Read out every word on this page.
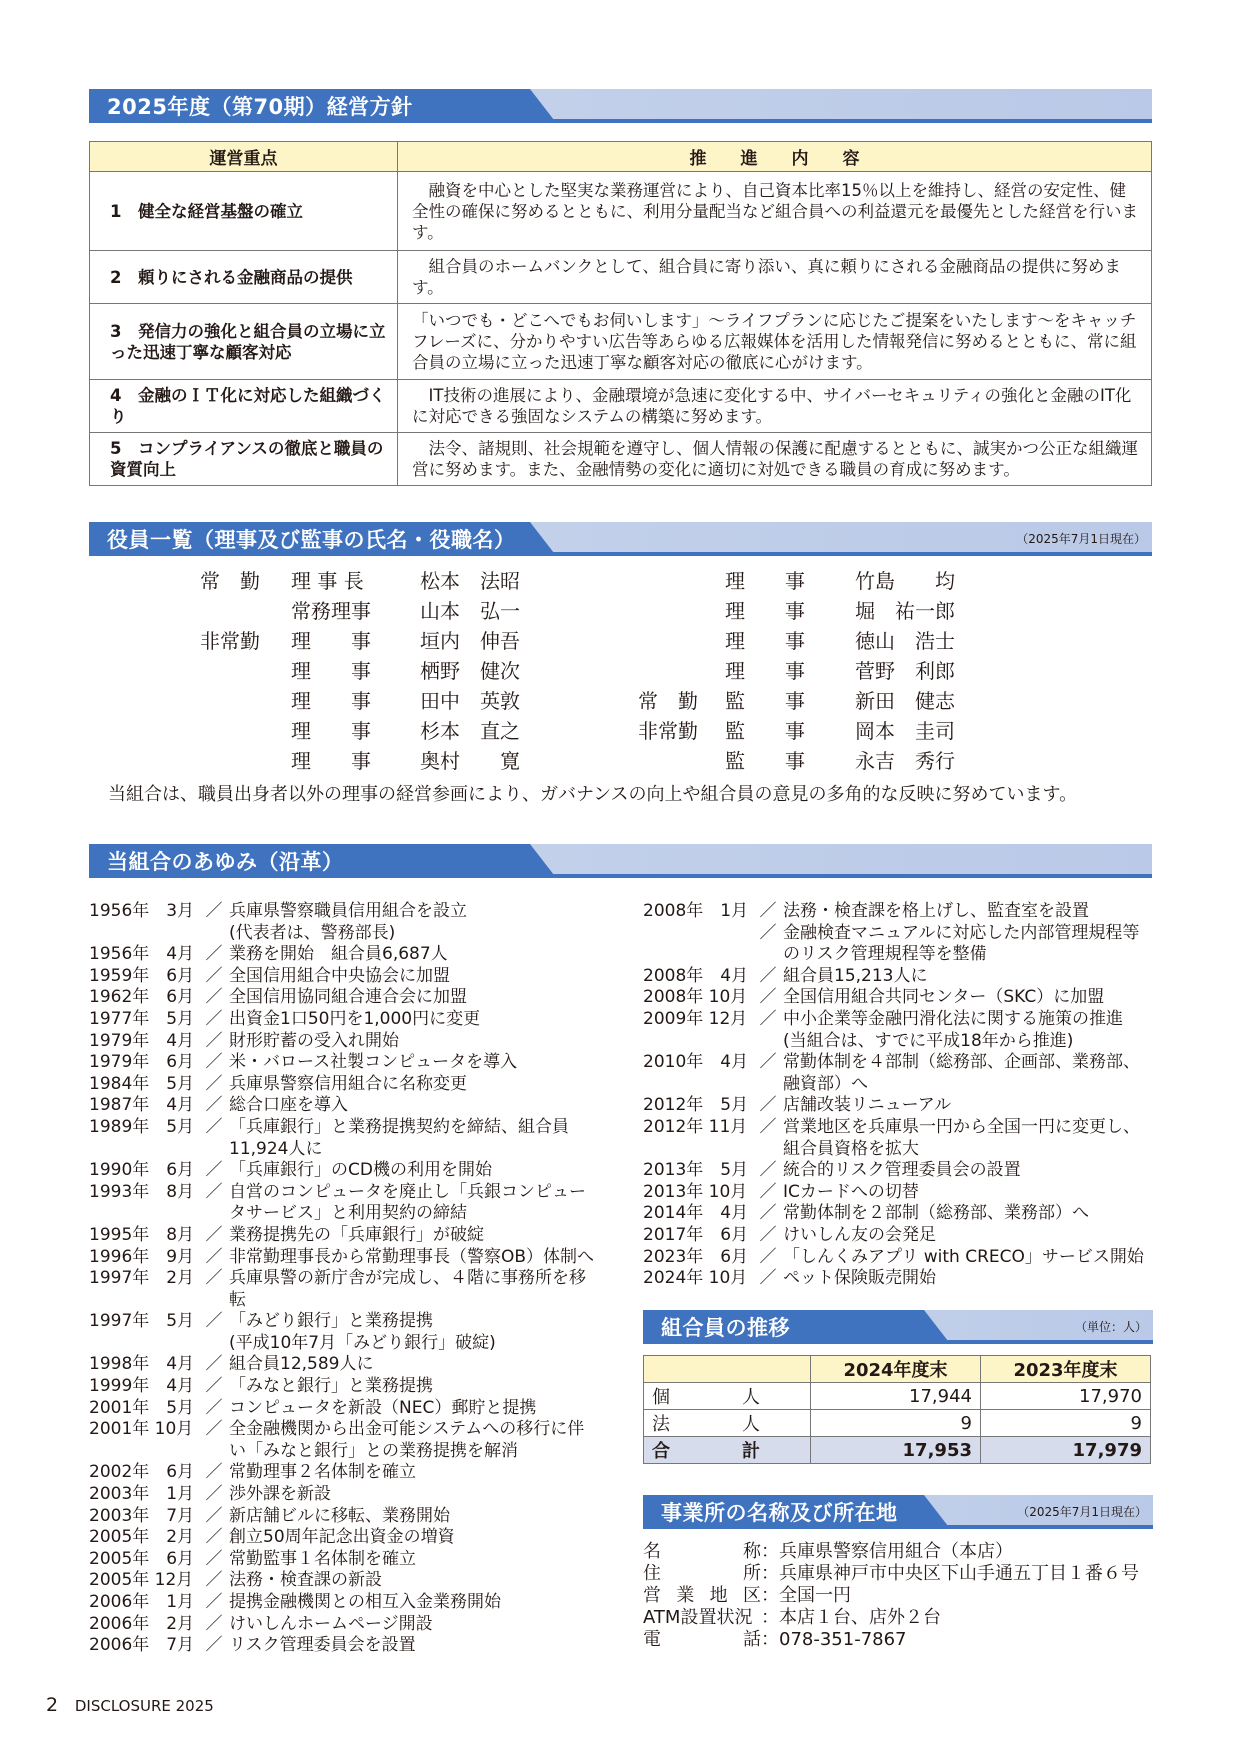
2025年度（第70期）経営方針
運営重点	推　　進　　内　　容
1　健全な経営基盤の確立	　融資を中心とした堅実な業務運営により、自己資本比率15％以上を維持し、経営の安定性、健全性の確保に努めるとともに、利用分量配当など組合員への利益還元を最優先とした経営を行います。
2　頼りにされる金融商品の提供	　組合員のホームバンクとして、組合員に寄り添い、真に頼りにされる金融商品の提供に努めます。
3　発信力の強化と組合員の立場に立った迅速丁寧な顧客対応	「いつでも・どこへでもお伺いします」〜ライフプランに応じたご提案をいたします〜をキャッチフレーズに、分かりやすい広告等あらゆる広報媒体を活用した情報発信に努めるとともに、常に組合員の立場に立った迅速丁寧な顧客対応の徹底に心がけます。
4　金融のＩＴ化に対応した組織づくり	　IT技術の進展により、金融環境が急速に変化する中、サイバーセキュリティの強化と金融のIT化に対応できる強固なシステムの構築に努めます。
5　コンプライアンスの徹底と職員の資質向上	　法令、諸規則、社会規範を遵守し、個人情報の保護に配慮するとともに、誠実かつ公正な組織運営に努めます。また、金融情勢の変化に適切に対処できる職員の育成に努めます。
役員一覧（理事及び監事の氏名・役職名）	（2025年7月1日現在）
常　勤 理 事 長	松本　法昭	理　　事	竹島　　均
常務理事 山本　弘一	理　　事	堀　祐一郎
非常勤 理　　事 垣内　伸吾	理　　事	徳山　浩士
理　　事 栖野　健次	理　　事	菅野　利郎
理　　事 田中　英敦	常　勤 監　　事	新田　健志
理　　事 杉本　直之	非常勤 監　　事	岡本　圭司
理　　事 奥村　　寛	監　　事	永吉　秀行
当組合は、職員出身者以外の理事の経営参画により、ガバナンスの向上や組合員の意見の多角的な反映に努めています。
当組合のあゆみ（沿革）
1956年　3月 ／ 兵庫県警察職員信用組合を設立
(代表者は、警務部長)
1956年　4月 ／ 業務を開始　組合員6,687人
1959年　6月 ／ 全国信用組合中央協会に加盟
1962年　6月 ／ 全国信用協同組合連合会に加盟
1977年　5月 ／ 出資金1口50円を1,000円に変更
1979年　4月 ／ 財形貯蓄の受入れ開始
1979年　6月 ／ 米・バロース社製コンピュータを導入
1984年　5月 ／ 兵庫県警察信用組合に名称変更
1987年　4月 ／ 総合口座を導入
1989年　5月 ／ 「兵庫銀行」と業務提携契約を締結、組合員11,924人に
1990年　6月 ／ 「兵庫銀行」のCD機の利用を開始
1993年　8月 ／ 自営のコンピュータを廃止し「兵銀コンピュータサービス」と利用契約の締結
1995年　8月 ／ 業務提携先の「兵庫銀行」が破綻
1996年　9月 ／ 非常勤理事長から常勤理事長（警察OB）体制へ
1997年　2月 ／ 兵庫県警の新庁舎が完成し、４階に事務所を移転
1997年　5月 ／ 「みどり銀行」と業務提携
(平成10年7月「みどり銀行」破綻)
1998年　4月 ／ 組合員12,589人に
1999年　4月 ／ 「みなと銀行」と業務提携
2001年　5月 ／ コンピュータを新設（NEC）郵貯と提携
2001年 10月 ／ 全金融機関から出金可能システムへの移行に伴い「みなと銀行」との業務提携を解消
2002年　6月 ／ 常勤理事２名体制を確立
2003年　1月 ／ 渉外課を新設
2003年　7月 ／ 新店舗ビルに移転、業務開始
2005年　2月 ／ 創立50周年記念出資金の増資
2005年　6月 ／ 常勤監事１名体制を確立
2005年 12月 ／ 法務・検査課の新設
2006年　1月 ／ 提携金融機関との相互入金業務開始
2006年　2月 ／ けいしんホームページ開設
2006年　7月 ／ リスク管理委員会を設置
2008年　1月 ／ 法務・検査課を格上げし、監査室を設置
／ 金融検査マニュアルに対応した内部管理規程等のリスク管理規程等を整備
2008年　4月 ／ 組合員15,213人に
2008年 10月 ／ 全国信用組合共同センター（SKC）に加盟
2009年 12月 ／ 中小企業等金融円滑化法に関する施策の推進
(当組合は、すでに平成18年から推進)
2010年　4月 ／ 常勤体制を４部制（総務部、企画部、業務部、融資部）へ
2012年　5月 ／ 店舗改装リニューアル
2012年 11月 ／ 営業地区を兵庫県一円から全国一円に変更し、組合員資格を拡大
2013年　5月 ／ 統合的リスク管理委員会の設置
2013年 10月 ／ ICカードへの切替
2014年　4月 ／ 常勤体制を２部制（総務部、業務部）へ
2017年　6月 ／ けいしん友の会発足
2023年　6月 ／ 「しんくみアプリ with CRECO」サービス開始
2024年 10月 ／ ペット保険販売開始
組合員の推移	（単位：人）
	2024年度末	2023年度末
個　　　　人	17,944	17,970
法　　　　人	9	9
合　　　　計	17,953	17,979
事業所の名称及び所在地	（2025年7月1日現在）
名	称 ： 兵庫県警察信用組合（本店）
住	所 ： 兵庫県神戸市中央区下山手通五丁目１番６号
営 業 地 区 ： 全国一円
ATM設置状況 ： 本店１台、店外２台
電	話 ： 078-351-7867
2 DISCLOSURE 2025
